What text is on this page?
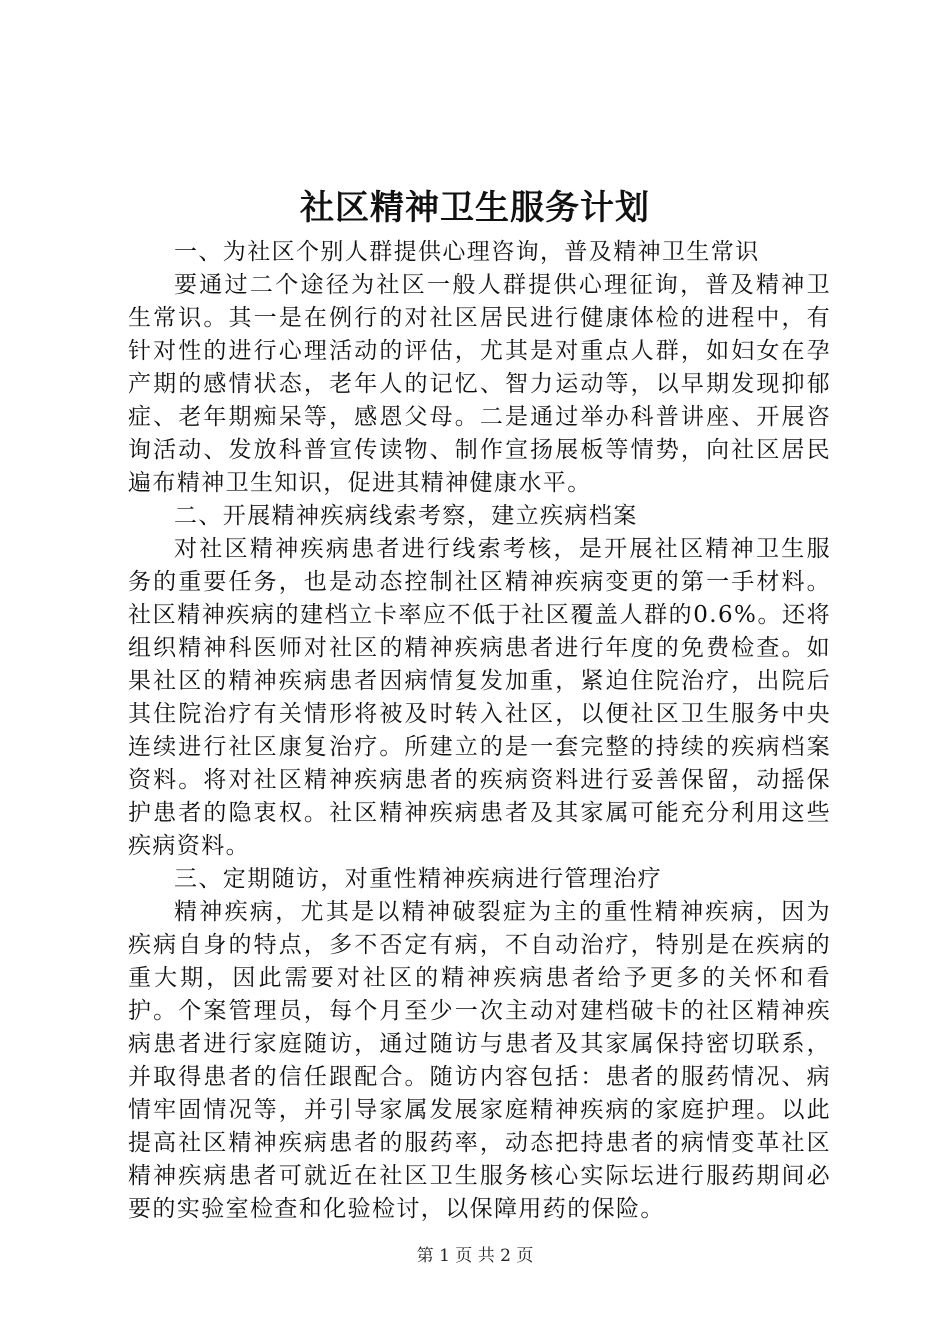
社区精神卫生服务计划

一、为社区个别人群提供心理咨询，普及精神卫生常识

要通过二个途径为社区一般人群提供心理征询，普及精神卫生常识。其一是在例行的对社区居民进行健康体检的进程中，有针对性的进行心理活动的评估，尤其是对重点人群，如妇女在孕产期的感情状态，老年人的记忆、智力运动等，以早期发现抑郁症、老年期痴呆等，感恩父母。二是通过举办科普讲座、开展咨询活动、发放科普宣传读物、制作宣扬展板等情势，向社区居民遍布精神卫生知识，促进其精神健康水平。

二、开展精神疾病线索考察，建立疾病档案

对社区精神疾病患者进行线索考核，是开展社区精神卫生服务的重要任务，也是动态控制社区精神疾病变更的第一手材料。社区精神疾病的建档立卡率应不低于社区覆盖人群的0.6%。还将组织精神科医师对社区的精神疾病患者进行年度的免费检查。如果社区的精神疾病患者因病情复发加重，紧迫住院治疗，出院后其住院治疗有关情形将被及时转入社区，以便社区卫生服务中央连续进行社区康复治疗。所建立的是一套完整的持续的疾病档案资料。将对社区精神疾病患者的疾病资料进行妥善保留，动摇保护患者的隐衷权。社区精神疾病患者及其家属可能充分利用这些疾病资料。

三、定期随访，对重性精神疾病进行管理治疗

精神疾病，尤其是以精神破裂症为主的重性精神疾病，因为疾病自身的特点，多不否定有病，不自动治疗，特别是在疾病的重大期，因此需要对社区的精神疾病患者给予更多的关怀和看护。个案管理员，每个月至少一次主动对建档破卡的社区精神疾病患者进行家庭随访，通过随访与患者及其家属保持密切联系，并取得患者的信任跟配合。随访内容包括：患者的服药情况、病情牢固情况等，并引导家属发展家庭精神疾病的家庭护理。以此提高社区精神疾病患者的服药率，动态把持患者的病情变革社区精神疾病患者可就近在社区卫生服务核心实际坛进行服药期间必要的实验室检查和化验检讨，以保障用药的保险。

第 1 页 共 2 页
